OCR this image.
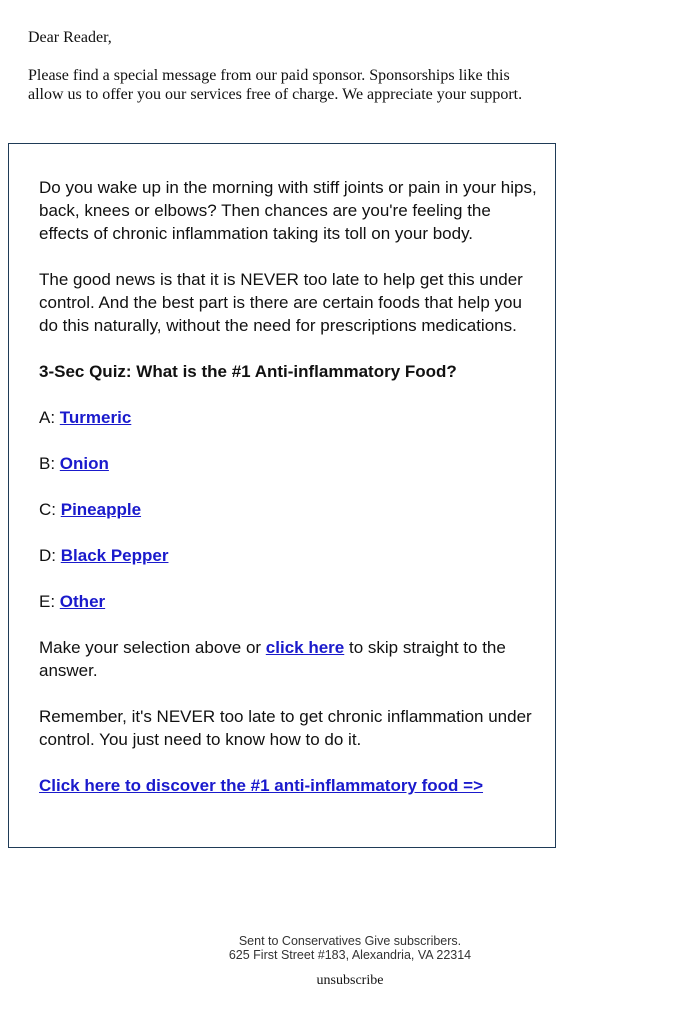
Dear Reader,

Please find a special message from our paid sponsor. Sponsorships like this allow us to offer you our services free of charge. We appreciate your support.

Do you wake up in the morning with stiff joints or pain in your hips, back, knees or elbows? Then chances are you're feeling the effects of chronic inflammation taking its toll on your body.

The good news is that it is NEVER too late to help get this under control. And the best part is there are certain foods that help you do this naturally, without the need for prescriptions medications.

3-Sec Quiz: What is the #1 Anti-inflammatory Food?

A: Turmeric

B: Onion

C: Pineapple

D: Black Pepper

E: Other

Make your selection above or click here to skip straight to the answer.

Remember, it's NEVER too late to get chronic inflammation under control. You just need to know how to do it.

Click here to discover the #1 anti-inflammatory food =>

Sent to Conservatives Give subscribers.

625 First Street #183, Alexandria, VA 22314

unsubscribe
